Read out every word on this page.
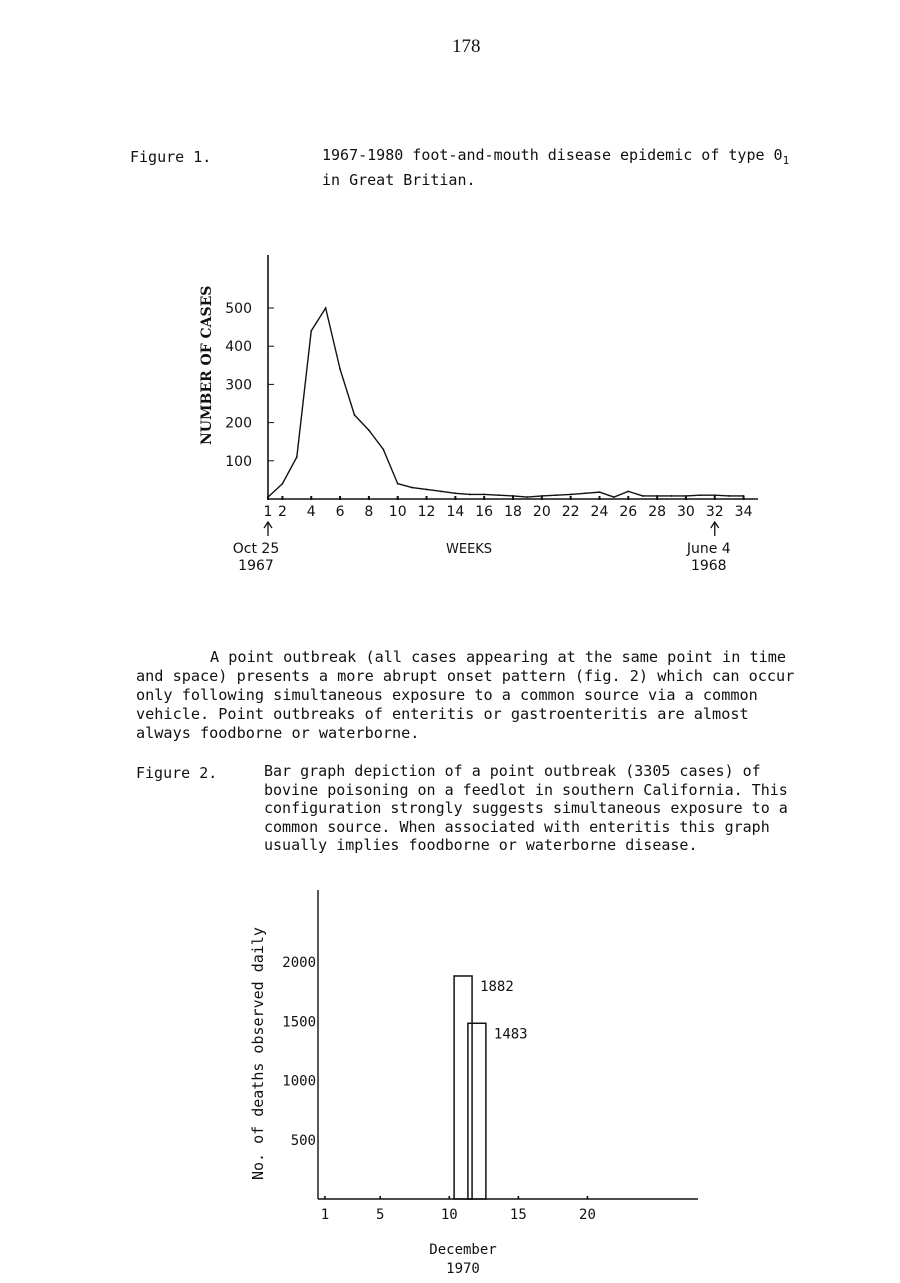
178
Figure 1.	1967-1980 foot-and-mouth disease epidemic of type $0_1$
in Great Britian.
100
200
300
400
500
1 2 4 6 8 10 12 14 16 18 20 22 24 26 28 30 32 34
NUMBER OF CASES
WEEKS
Oct 25
1967
June 4
1968

A point outbreak (all cases appearing at the same point in time

and space) presents a more abrupt onset pattern (fig. 2) which can occur

only following simultaneous exposure to a common source via a common

vehicle. Point outbreaks of enteritis or gastroenteritis are almost

always foodborne or waterborne.

Figure 2.	Bar graph depiction of a point outbreak (3305 cases) of
bovine poisoning on a feedlot in southern California. This
configuration strongly suggests simultaneous exposure to a
common source. When associated with enteritis this graph
usually implies foodborne or waterborne disease.
500
1000
1500
2000
1	5	10	15	20
1882
1483
No. of deaths observed daily
December
1970
